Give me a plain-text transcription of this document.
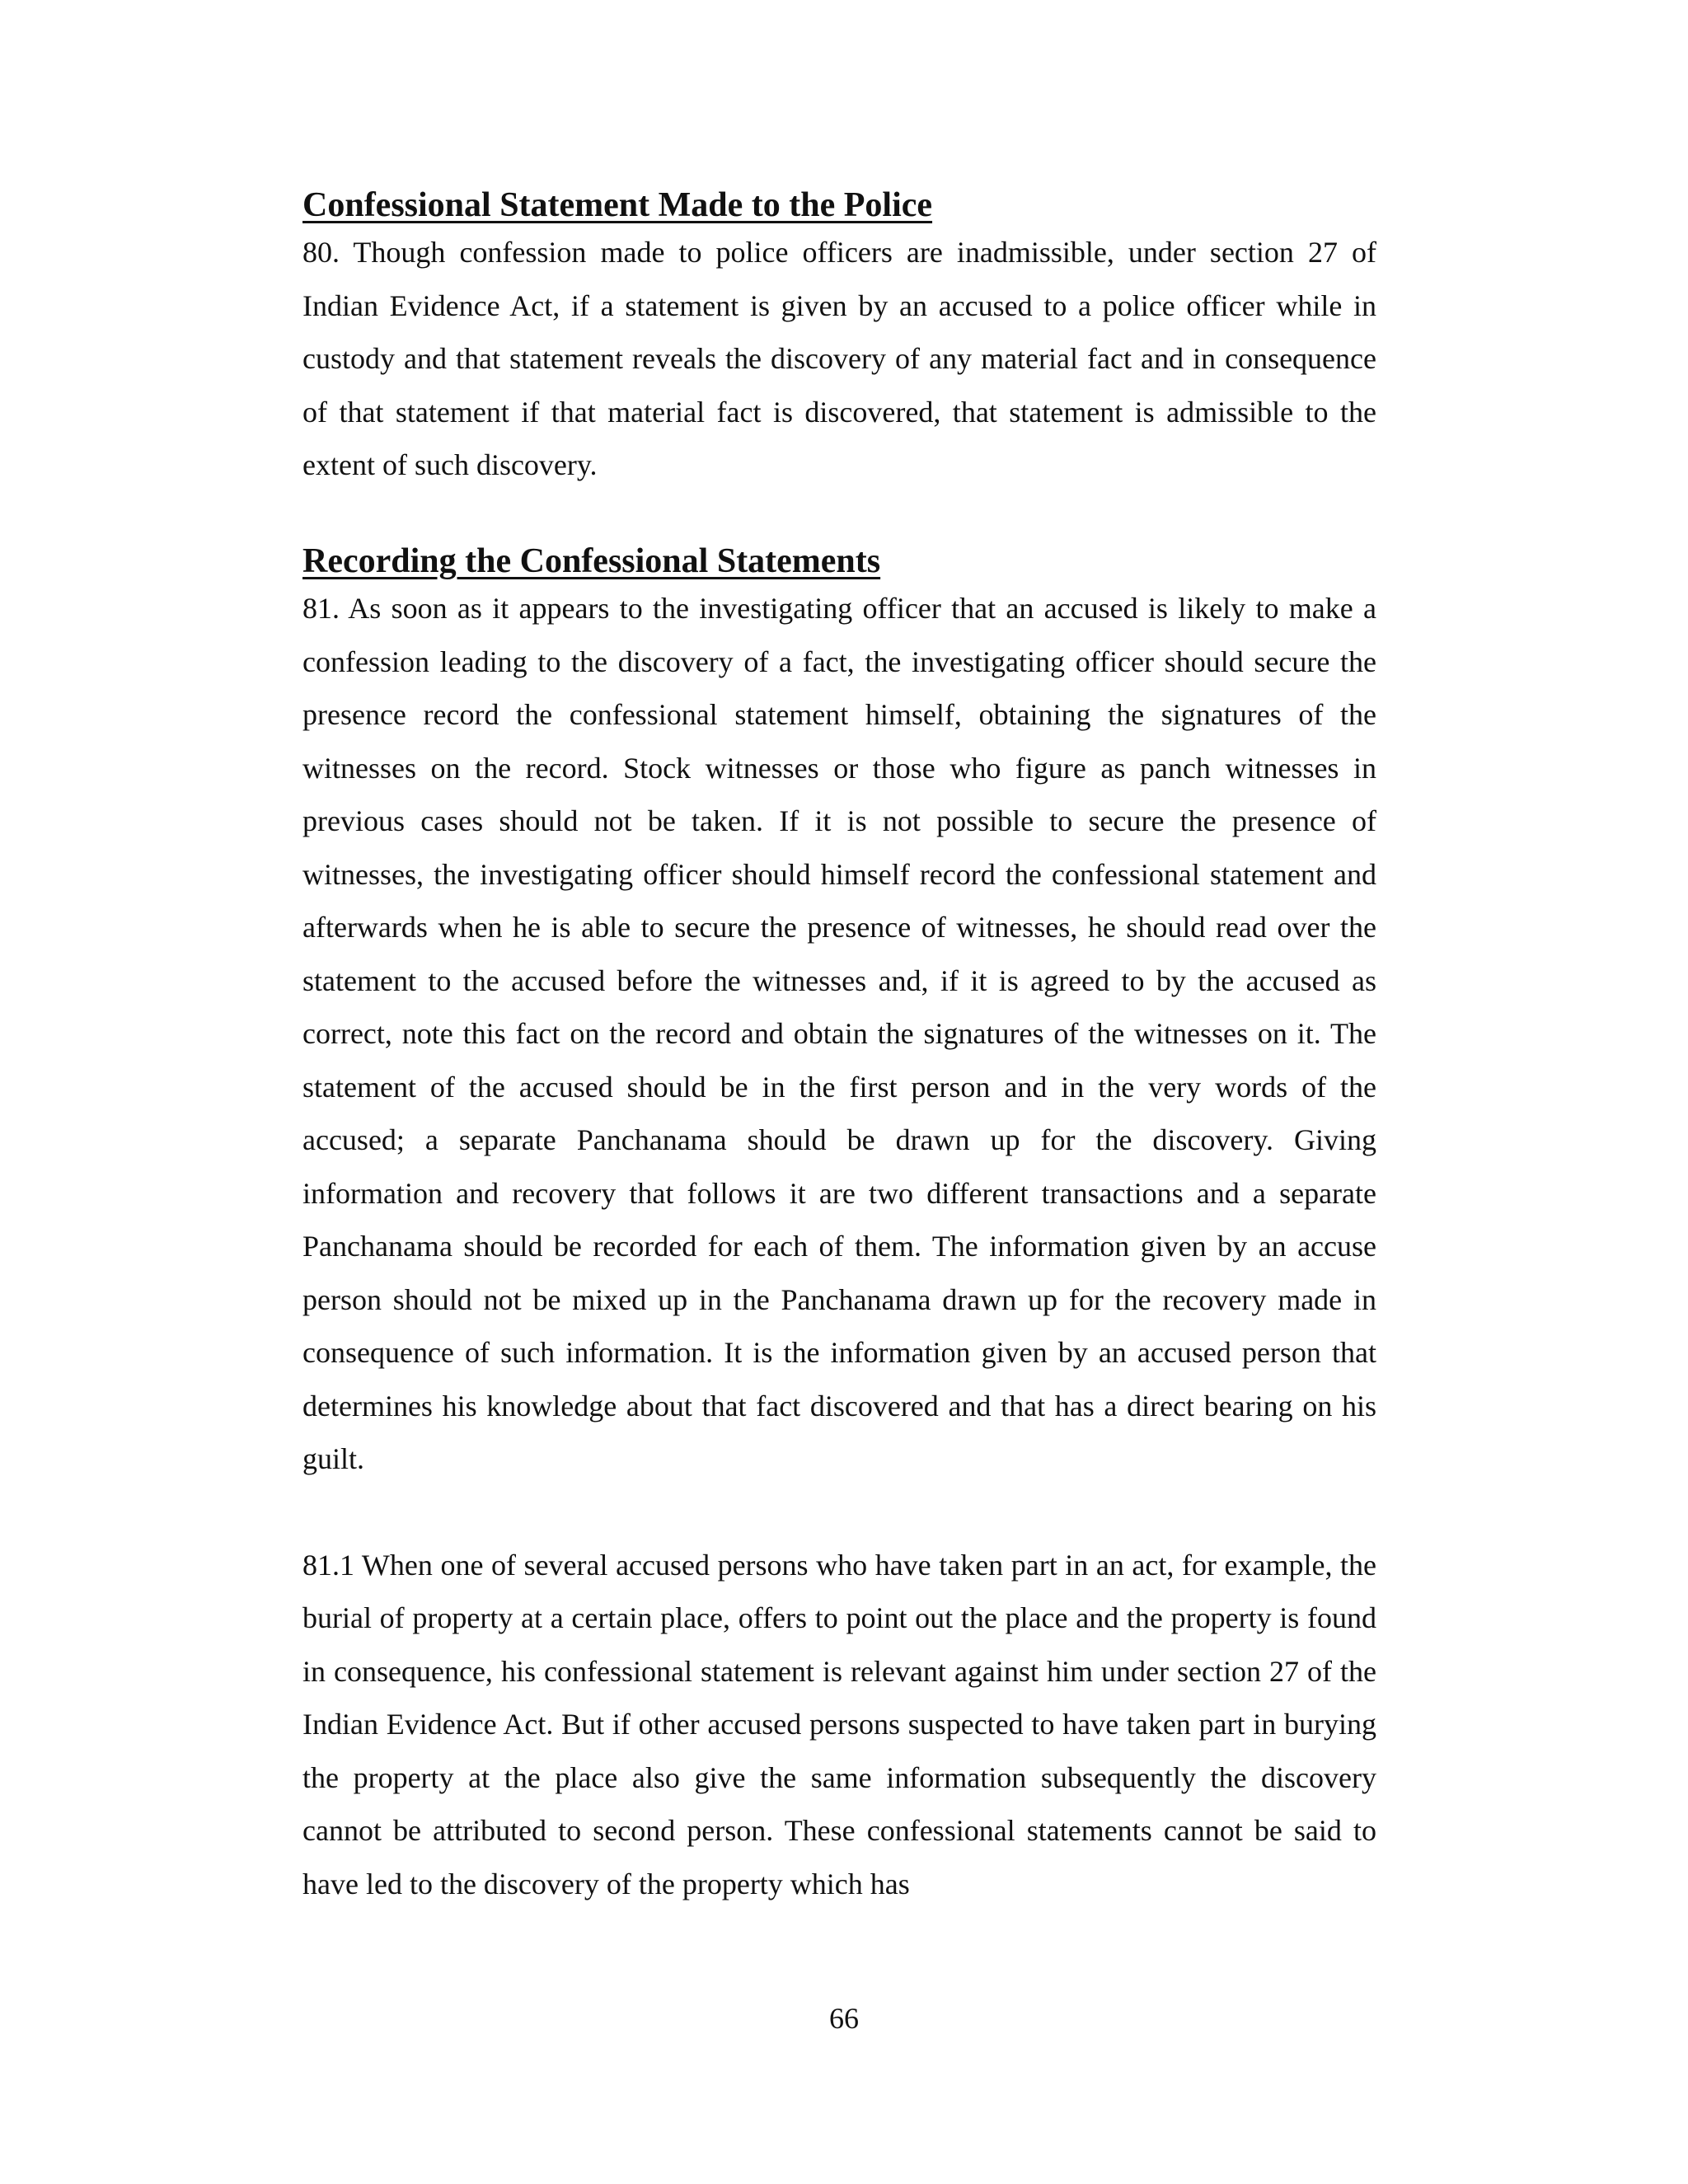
Confessional Statement Made to the Police

80. Though confession made to police officers are inadmissible, under section 27 of Indian Evidence Act, if a statement is given by an accused to a police officer while in custody and that statement reveals the discovery of any material fact and in consequence of that statement if that material fact is discovered, that statement is admissible to the extent of such discovery.

Recording the Confessional Statements

81. As soon as it appears to the investigating officer that an accused is likely to make a confession leading to the discovery of a fact, the investigating officer should secure the presence record the confessional statement himself, obtaining the signatures of the witnesses on the record. Stock witnesses or those who figure as panch witnesses in previous cases should not be taken. If it is not possible to secure the presence of witnesses, the investigating officer should himself record the confessional statement and afterwards when he is able to secure the presence of witnesses, he should read over the statement to the accused before the witnesses and, if it is agreed to by the accused as correct, note this fact on the record and obtain the signatures of the witnesses on it. The statement of the accused should be in the first person and in the very words of the accused; a separate Panchanama should be drawn up for the discovery. Giving information and recovery that follows it are two different transactions and a separate Panchanama should be recorded for each of them. The information given by an accuse person should not be mixed up in the Panchanama drawn up for the recovery made in consequence of such information. It is the information given by an accused person that determines his knowledge about that fact discovered and that has a direct bearing on his guilt.

81.1 When one of several accused persons who have taken part in an act, for example, the burial of property at a certain place, offers to point out the place and the property is found in consequence, his confessional statement is relevant against him under section 27 of the Indian Evidence Act. But if other accused persons suspected to have taken part in burying the property at the place also give the same information subsequently the discovery cannot be attributed to second person. These confessional statements cannot be said to have led to the discovery of the property which has

66
